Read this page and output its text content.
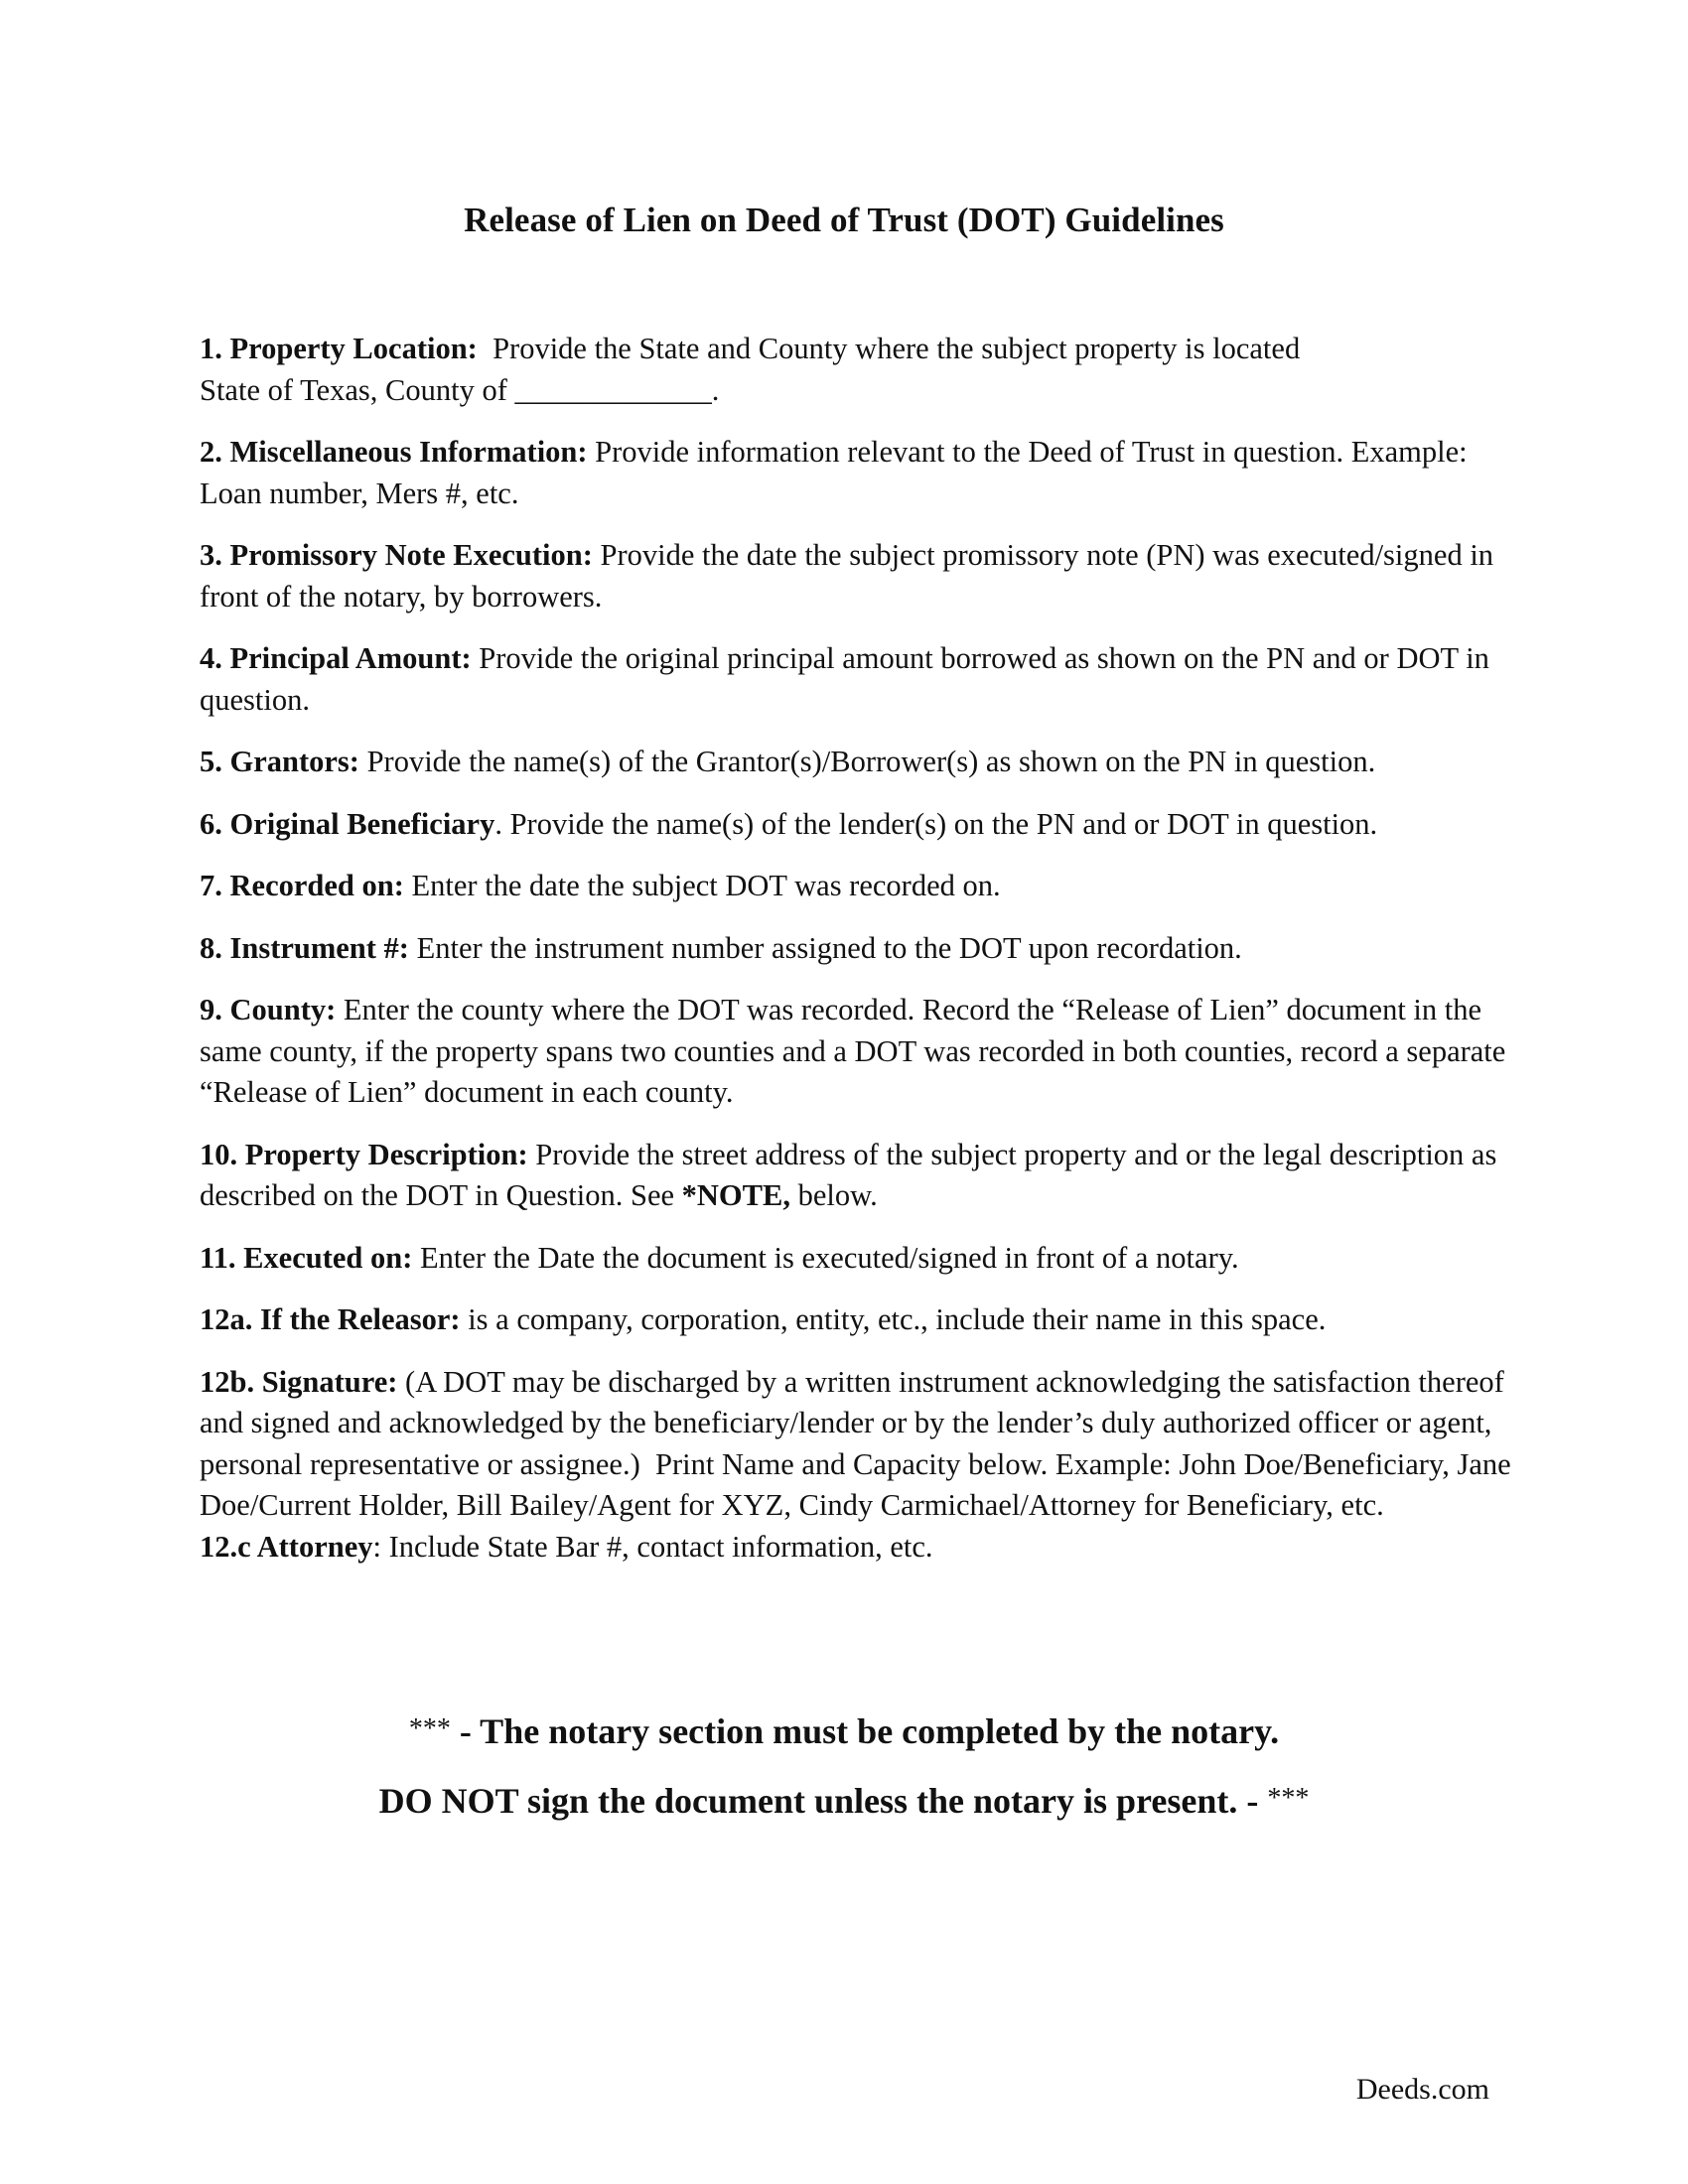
Release of Lien on Deed of Trust (DOT) Guidelines
1. Property Location:  Provide the State and County where the subject property is located
State of Texas, County of _____________.
2. Miscellaneous Information: Provide information relevant to the Deed of Trust in question. Example: Loan number, Mers #, etc.
3. Promissory Note Execution: Provide the date the subject promissory note (PN) was executed/signed in front of the notary, by borrowers.
4. Principal Amount: Provide the original principal amount borrowed as shown on the PN and or DOT in question.
5. Grantors: Provide the name(s) of the Grantor(s)/Borrower(s) as shown on the PN in question.
6. Original Beneficiary. Provide the name(s) of the lender(s) on the PN and or DOT in question.
7. Recorded on: Enter the date the subject DOT was recorded on.
8. Instrument #: Enter the instrument number assigned to the DOT upon recordation.
9. County: Enter the county where the DOT was recorded. Record the “Release of Lien” document in the same county, if the property spans two counties and a DOT was recorded in both counties, record a separate “Release of Lien” document in each county.
10. Property Description: Provide the street address of the subject property and or the legal description as described on the DOT in Question. See *NOTE, below.
11. Executed on: Enter the Date the document is executed/signed in front of a notary.
12a. If the Releasor: is a company, corporation, entity, etc., include their name in this space.
12b. Signature: (A DOT may be discharged by a written instrument acknowledging the satisfaction thereof and signed and acknowledged by the beneficiary/lender or by the lender’s duly authorized officer or agent, personal representative or assignee.)  Print Name and Capacity below. Example: John Doe/Beneficiary, Jane Doe/Current Holder, Bill Bailey/Agent for XYZ, Cindy Carmichael/Attorney for Beneficiary, etc.
12.c Attorney: Include State Bar #, contact information, etc.
*** - The notary section must be completed by the notary.
DO NOT sign the document unless the notary is present. - ***
Deeds.com
